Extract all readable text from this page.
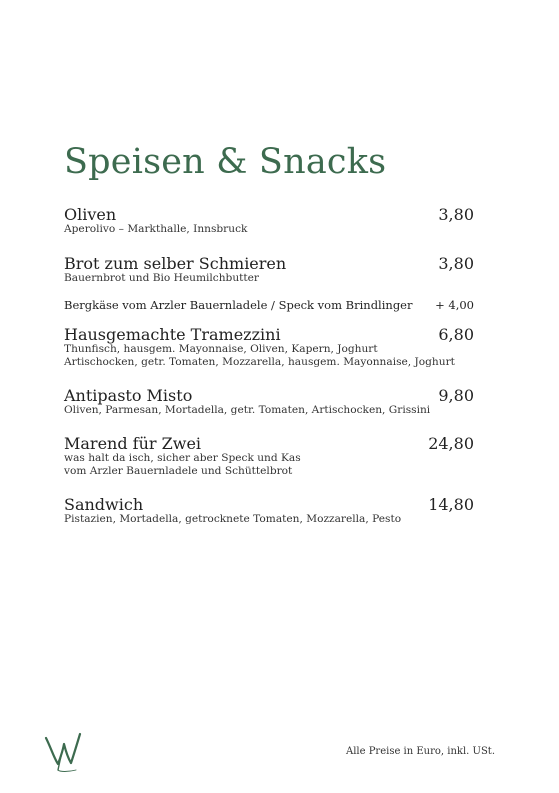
Speisen & Snacks
Oliven	3,80
Aperolivo – Markthalle, Innsbruck
Brot zum selber Schmieren	3,80
Bauernbrot und Bio Heumilchbutter
Bergkäse vom Arzler Bauernladele / Speck vom Brindlinger + 4,00
Hausgemachte Tramezzini	6,80
Thunfisch, hausgem. Mayonnaise, Oliven, Kapern, Joghurt
Artischocken, getr. Tomaten, Mozzarella, hausgem. Mayonnaise, Joghurt
Antipasto Misto	9,80
Oliven, Parmesan, Mortadella, getr. Tomaten, Artischocken, Grissini
Marend für Zwei	24,80
was halt da isch, sicher aber Speck und Kas
vom Arzler Bauernladele und Schüttelbrot
Sandwich	14,80
Pistazien, Mortadella, getrocknete Tomaten, Mozzarella, Pesto
Alle Preise in Euro, inkl. USt.
